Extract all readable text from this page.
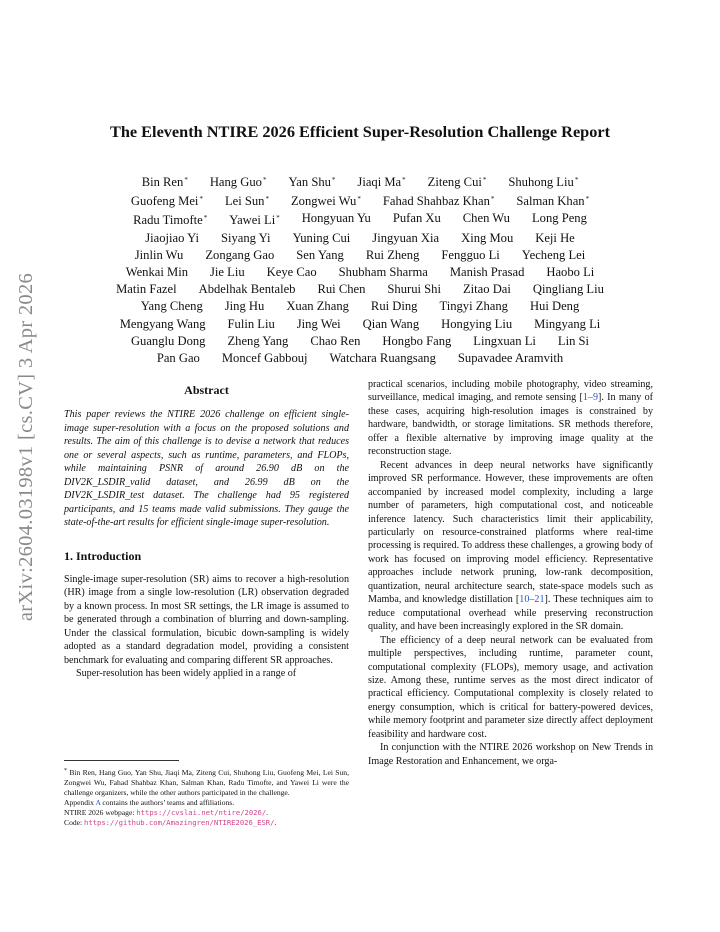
arXiv:2604.03198v1 [cs.CV] 3 Apr 2026
The Eleventh NTIRE 2026 Efficient Super-Resolution Challenge Report
Bin Ren* Hang Guo* Yan Shu* Jiaqi Ma* Ziteng Cui* Shuhong Liu*
Guofeng Mei* Lei Sun* Zongwei Wu* Fahad Shahbaz Khan* Salman Khan*
Radu Timofte* Yawei Li* Hongyuan Yu Pufan Xu Chen Wu Long Peng
Jiaojiao Yi Siyang Yi Yuning Cui Jingyuan Xia Xing Mou Keji He
Jinlin Wu Zongang Gao Sen Yang Rui Zheng Fengguo Li Yecheng Lei
Wenkai Min Jie Liu Keye Cao Shubham Sharma Manish Prasad Haobo Li
Matin Fazel Abdelhak Bentaleb Rui Chen Shurui Shi Zitao Dai Qingliang Liu
Yang Cheng Jing Hu Xuan Zhang Rui Ding Tingyi Zhang Hui Deng
Mengyang Wang Fulin Liu Jing Wei Qian Wang Hongying Liu Mingyang Li
Guanglu Dong Zheng Yang Chao Ren Hongbo Fang Lingxuan Li Lin Si
Pan Gao Moncef Gabbouj Watchara Ruangsang Supavadee Aramvith
Abstract

This paper reviews the NTIRE 2026 challenge on efficient single-image super-resolution with a focus on the proposed solutions and results. The aim of this challenge is to devise a network that reduces one or several aspects, such as runtime, parameters, and FLOPs, while maintaining PSNR of around 26.90 dB on the DIV2K_LSDIR_valid dataset, and 26.99 dB on the DIV2K_LSDIR_test dataset. The challenge had 95 registered participants, and 15 teams made valid submissions. They gauge the state-of-the-art results for efficient single-image super-resolution.

1. Introduction

Single-image super-resolution (SR) aims to recover a high-resolution (HR) image from a single low-resolution (LR) observation degraded by a known process. In most SR settings, the LR image is assumed to be generated through a combination of blurring and down-sampling. Under the classical formulation, bicubic down-sampling is widely adopted as a standard degradation model, providing a consistent benchmark for evaluating and comparing different SR approaches.

Super-resolution has been widely applied in a range of

* Bin Ren, Hang Guo, Yan Shu, Jiaqi Ma, Ziteng Cui, Shuhong Liu, Guofeng Mei, Lei Sun, Zongwei Wu, Fahad Shahbaz Khan, Salman Khan, Radu Timofte, and Yawei Li were the challenge organizers, while the other authors participated in the challenge.
Appendix A contains the authors’ teams and affiliations.
NTIRE 2026 webpage: https://cvslai.net/ntire/2026/.
Code: https://github.com/Amazingren/NTIRE2026_ESR/.

practical scenarios, including mobile photography, video streaming, surveillance, medical imaging, and remote sensing [1–9]. In many of these cases, acquiring high-resolution images is constrained by hardware, bandwidth, or storage limitations. SR methods therefore, offer a flexible alternative by improving image quality at the reconstruction stage.

Recent advances in deep neural networks have significantly improved SR performance. However, these improvements are often accompanied by increased model complexity, including a large number of parameters, high computational cost, and noticeable inference latency. Such characteristics limit their applicability, particularly on resource-constrained platforms where real-time processing is required. To address these challenges, a growing body of work has focused on improving model efficiency. Representative approaches include network pruning, low-rank decomposition, quantization, neural architecture search, state-space models such as Mamba, and knowledge distillation [10–21]. These techniques aim to reduce computational overhead while preserving reconstruction quality, and have been increasingly explored in the SR domain.

The efficiency of a deep neural network can be evaluated from multiple perspectives, including runtime, parameter count, computational complexity (FLOPs), memory usage, and activation size. Among these, runtime serves as the most direct indicator of practical efficiency. Computational complexity is closely related to energy consumption, which is critical for battery-powered devices, while memory footprint and parameter size directly affect deployment feasibility and hardware cost.

In conjunction with the NTIRE 2026 workshop on New Trends in Image Restoration and Enhancement, we orga-
